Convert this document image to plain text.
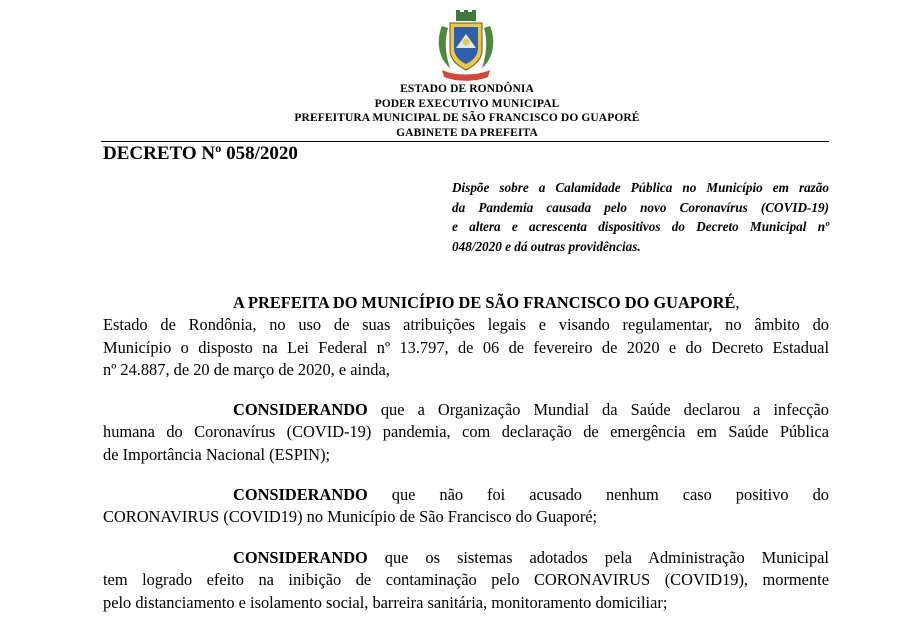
ESTADO DE RONDÔNIA
PODER EXECUTIVO MUNICIPAL
PREFEITURA MUNICIPAL DE SÃO FRANCISCO DO GUAPORÉ
GABINETE DA PREFEITA
DECRETO Nº 058/2020
Dispõe sobre a Calamidade Pública no Município em razão
da Pandemia causada pelo novo Coronavírus (COVID-19)
e altera e acrescenta dispositivos do Decreto Municipal nº
048/2020 e dá outras providências.
A PREFEITA DO MUNICÍPIO DE SÃO FRANCISCO DO GUAPORÉ,
Estado de Rondônia, no uso de suas atribuições legais e visando regulamentar, no âmbito do
Município o disposto na Lei Federal nº 13.797, de 06 de fevereiro de 2020 e do Decreto Estadual
nº 24.887, de 20 de março de 2020, e ainda,
CONSIDERANDO que a Organização Mundial da Saúde declarou a infecção
humana do Coronavírus (COVID-19) pandemia, com declaração de emergência em Saúde Pública
de Importância Nacional (ESPIN);
CONSIDERANDO que não foi acusado nenhum caso positivo do
CORONAVIRUS (COVID19) no Município de São Francisco do Guaporé;
CONSIDERANDO que os sistemas adotados pela Administração Municipal
tem logrado efeito na inibição de contaminação pelo CORONAVIRUS (COVID19), mormente
pelo distanciamento e isolamento social, barreira sanitária, monitoramento domiciliar;
